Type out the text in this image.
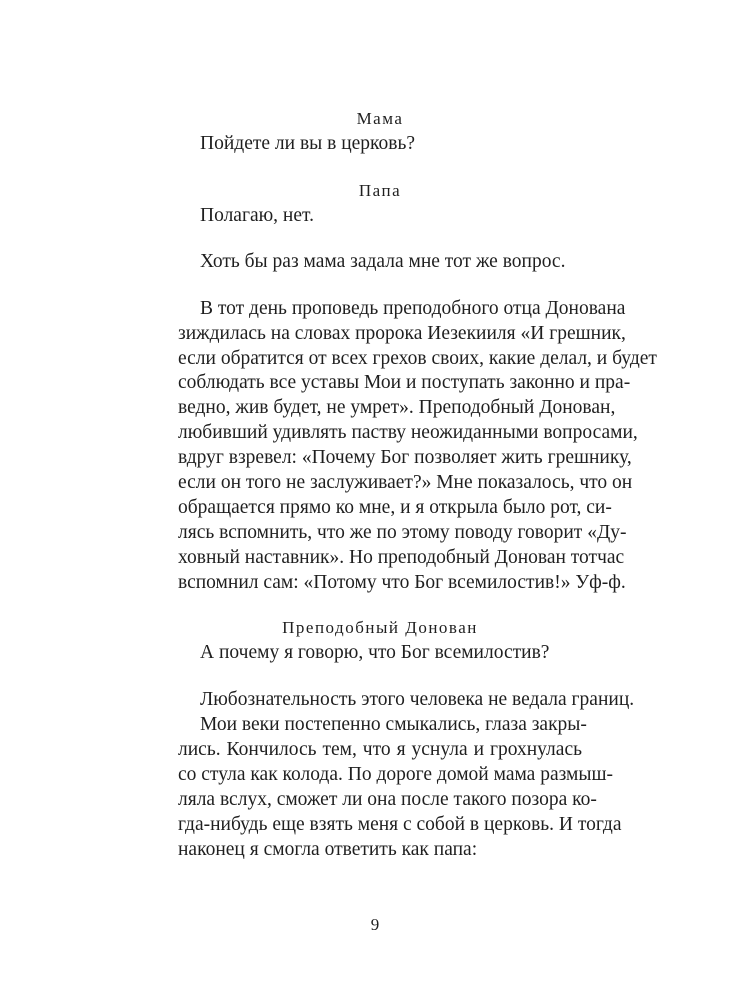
Мама
Пойдете ли вы в церковь?
Папа
Полагаю, нет.
Хоть бы раз мама задала мне тот же вопрос.
В тот день проповедь преподобного отца Донована
зиждилась на словах пророка Иезекииля «И грешник,
если обратится от всех грехов своих, какие делал, и будет
соблюдать все уставы Мои и поступать законно и пра-
ведно, жив будет, не умрет». Преподобный Донован,
любивший удивлять паству неожиданными вопросами,
вдруг взревел: «Почему Бог позволяет жить грешнику,
если он того не заслуживает?» Мне показалось, что он
обращается прямо ко мне, и я открыла было рот, си-
лясь вспомнить, что же по этому поводу говорит «Ду-
ховный наставник». Но преподобный Донован тотчас
вспомнил сам: «Потому что Бог всемилостив!» Уф-ф.
Преподобный Донован
А почему я говорю, что Бог всемилостив?
Любознательность этого человека не ведала границ.
Мои веки постепенно смыкались, глаза закры-
лись. Кончилось тем, что я уснула и грохнулась
со стула как колода. По дороге домой мама размыш-
ляла вслух, сможет ли она после такого позора ко-
гда-нибудь еще взять меня с собой в церковь. И тогда
наконец я смогла ответить как папа:
9
